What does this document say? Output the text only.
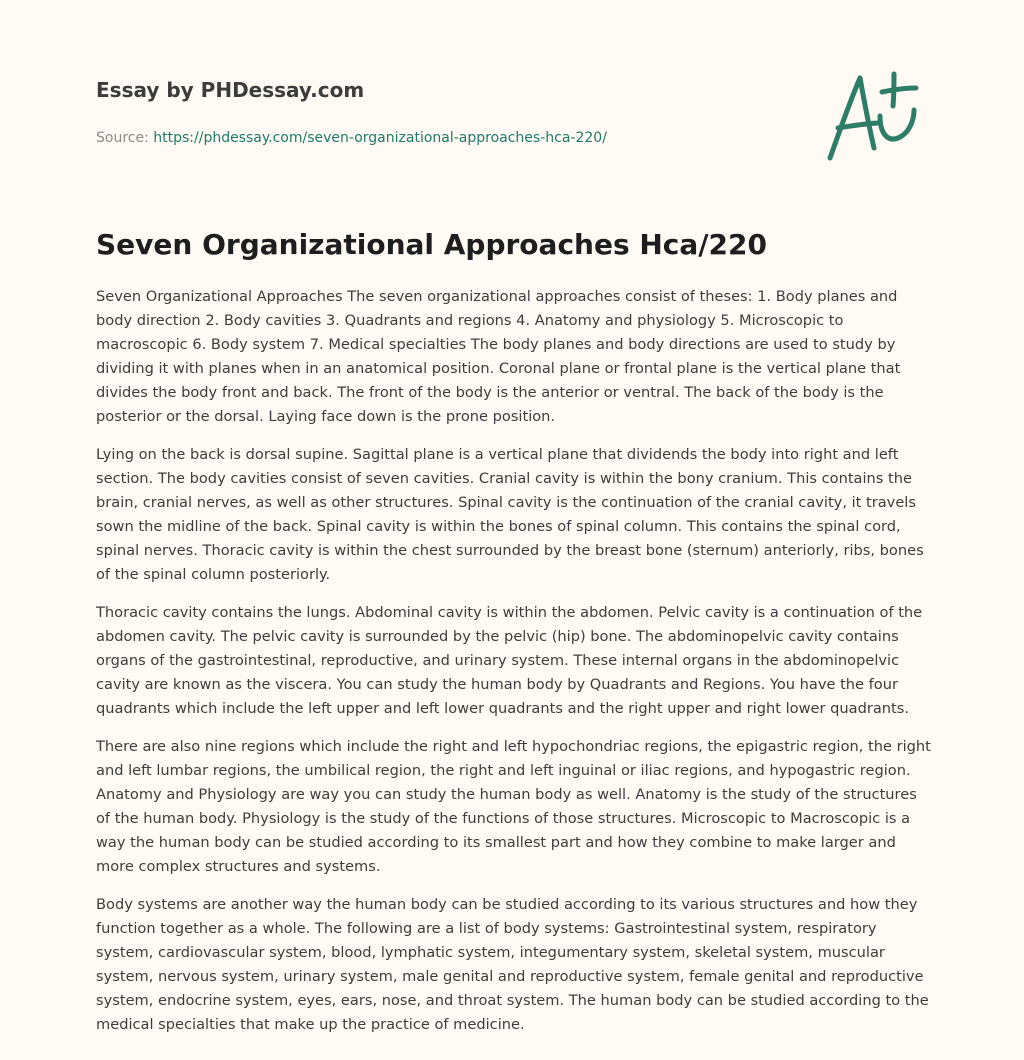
Essay by PHDessay.com
Source: https://phdessay.com/seven-organizational-approaches-hca-220/
Seven Organizational Approaches Hca/220

Seven Organizational Approaches The seven organizational approaches consist of theses: 1. Body planes and body direction 2. Body cavities 3. Quadrants and regions 4. Anatomy and physiology 5. Microscopic to macroscopic 6. Body system 7. Medical specialties The body planes and body directions are used to study by dividing it with planes when in an anatomical position. Coronal plane or frontal plane is the vertical plane that divides the body front and back. The front of the body is the anterior or ventral. The back of the body is the posterior or the dorsal. Laying face down is the prone position.

Lying on the back is dorsal supine. Sagittal plane is a vertical plane that dividends the body into right and left section. The body cavities consist of seven cavities. Cranial cavity is within the bony cranium. This contains the brain, cranial nerves, as well as other structures. Spinal cavity is the continuation of the cranial cavity, it travels sown the midline of the back. Spinal cavity is within the bones of spinal column. This contains the spinal cord, spinal nerves. Thoracic cavity is within the chest surrounded by the breast bone (sternum) anteriorly, ribs, bones of the spinal column posteriorly.

Thoracic cavity contains the lungs. Abdominal cavity is within the abdomen. Pelvic cavity is a continuation of the abdomen cavity. The pelvic cavity is surrounded by the pelvic (hip) bone. The abdominopelvic cavity contains organs of the gastrointestinal, reproductive, and urinary system. These internal organs in the abdominopelvic cavity are known as the viscera. You can study the human body by Quadrants and Regions. You have the four quadrants which include the left upper and left lower quadrants and the right upper and right lower quadrants.

There are also nine regions which include the right and left hypochondriac regions, the epigastric region, the right and left lumbar regions, the umbilical region, the right and left inguinal or iliac regions, and hypogastric region. Anatomy and Physiology are way you can study the human body as well. Anatomy is the study of the structures of the human body. Physiology is the study of the functions of those structures. Microscopic to Macroscopic is a way the human body can be studied according to its smallest part and how they combine to make larger and more complex structures and systems.

Body systems are another way the human body can be studied according to its various structures and how they function together as a whole. The following are a list of body systems: Gastrointestinal system, respiratory system, cardiovascular system, blood, lymphatic system, integumentary system, skeletal system, muscular system, nervous system, urinary system, male genital and reproductive system, female genital and reproductive system, endocrine system, eyes, ears, nose, and throat system. The human body can be studied according to the medical specialties that make up the practice of medicine.
